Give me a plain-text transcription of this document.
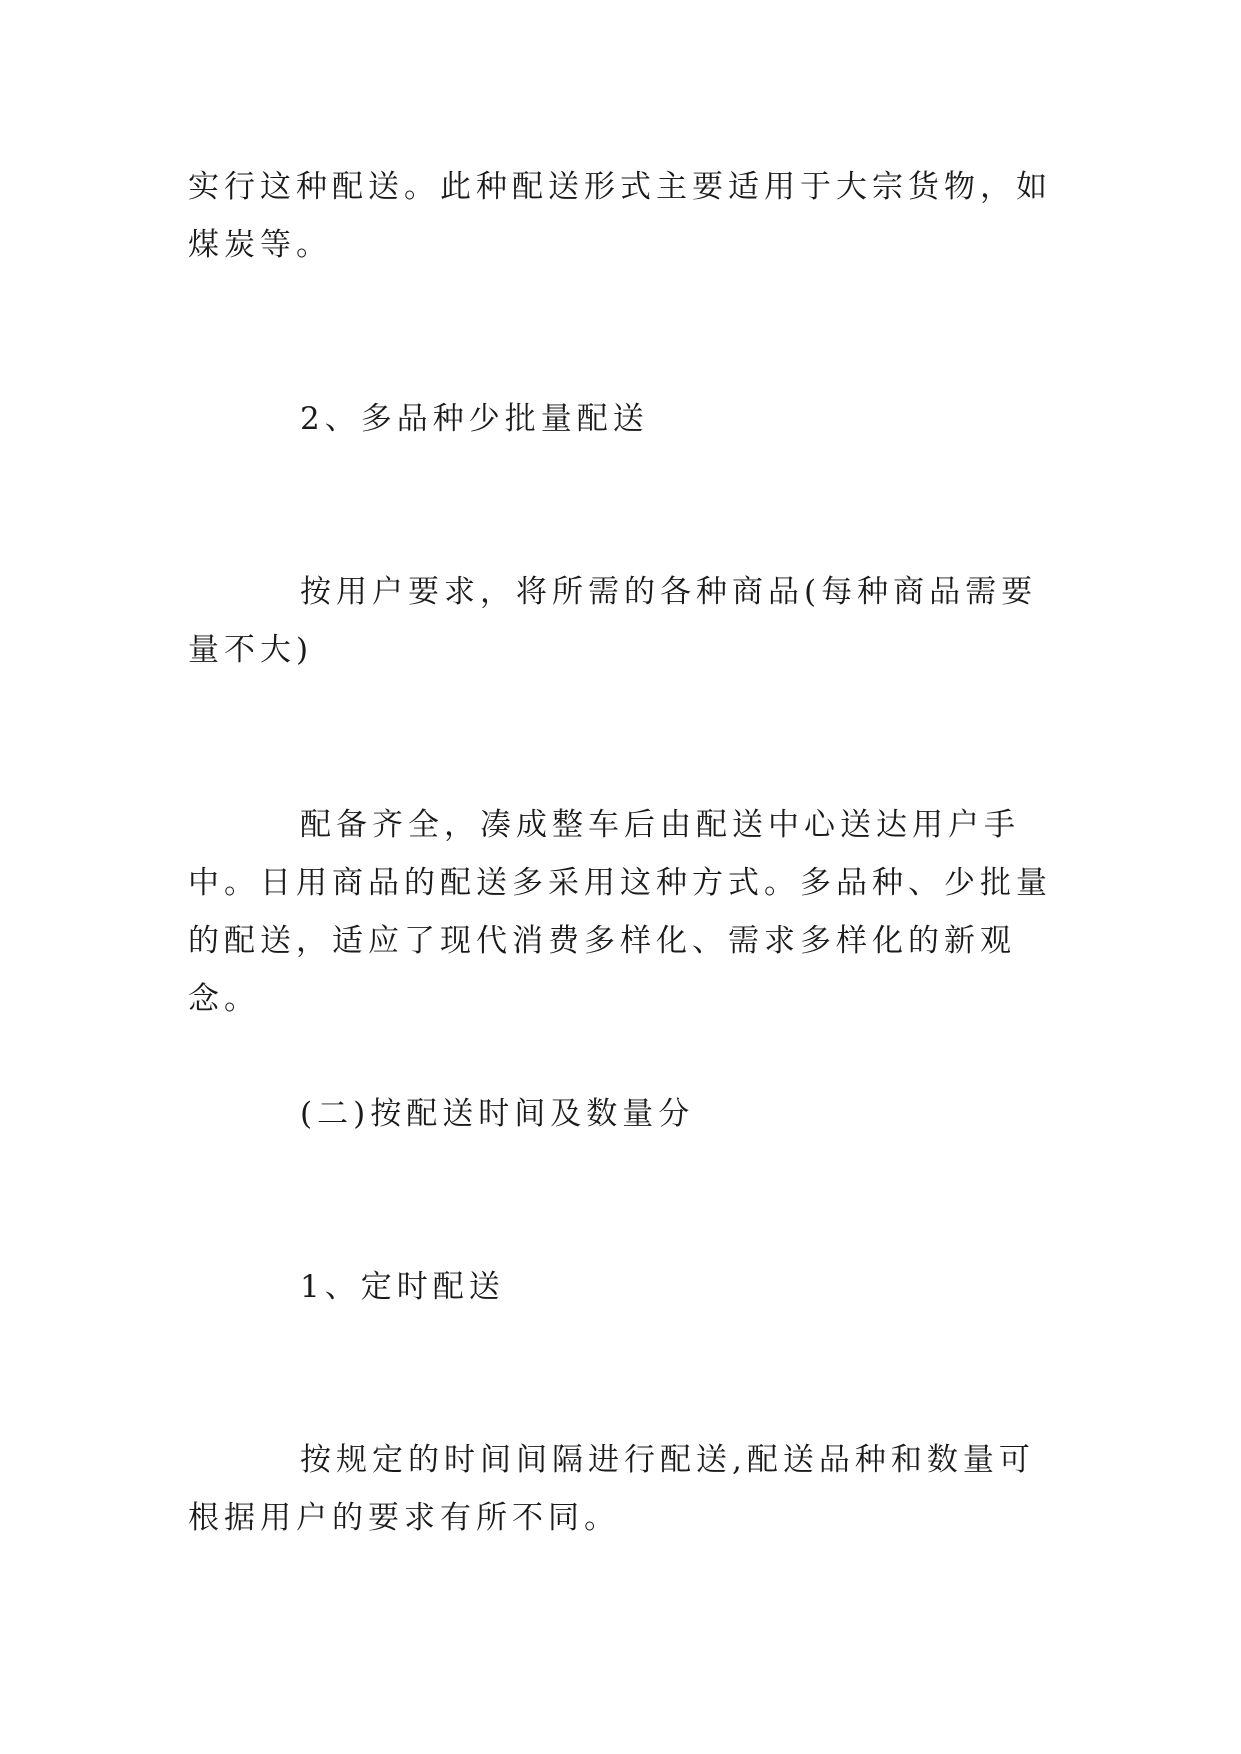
实行这种配送。此种配送形式主要适用于大宗货物，如煤炭等。

2、多品种少批量配送

按用户要求，将所需的各种商品(每种商品需要量不大)

配备齐全，凑成整车后由配送中心送达用户手中。日用商品的配送多采用这种方式。多品种、少批量的配送，适应了现代消费多样化、需求多样化的新观念。

(二)按配送时间及数量分

1、定时配送

按规定的时间间隔进行配送,配送品种和数量可根据用户的要求有所不同。
